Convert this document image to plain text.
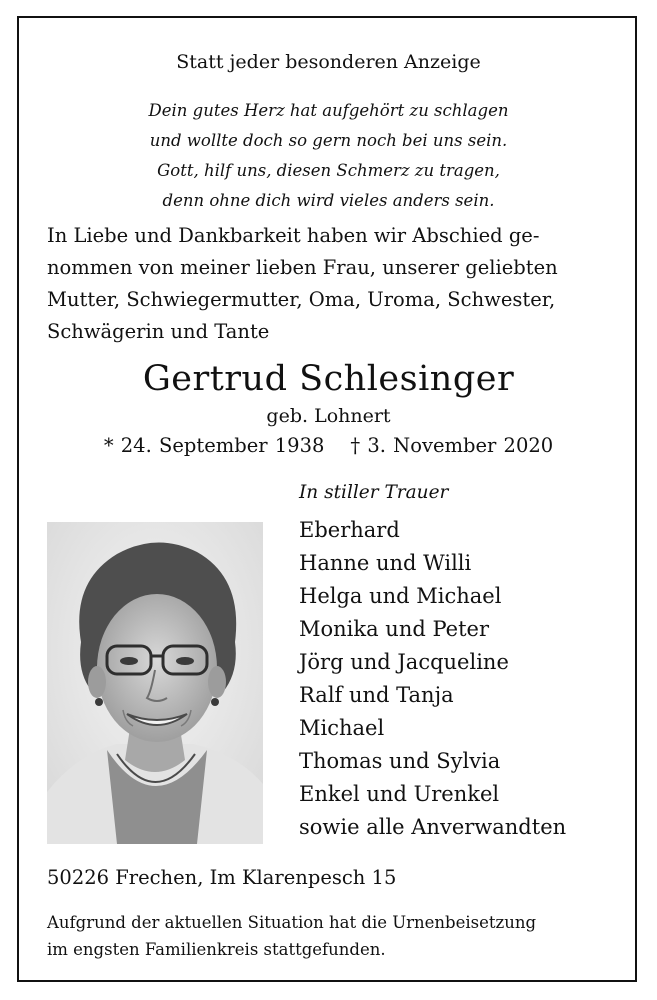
Statt jeder besonderen Anzeige
Dein gutes Herz hat aufgehört zu schlagen
und wollte doch so gern noch bei uns sein.
Gott, hilf uns, diesen Schmerz zu tragen,
denn ohne dich wird vieles anders sein.
In Liebe und Dankbarkeit haben wir Abschied ge-
nommen von meiner lieben Frau, unserer geliebten
Mutter, Schwiegermutter, Oma, Uroma, Schwester,
Schwägerin und Tante
Gertrud Schlesinger
geb. Lohnert
* 24. September 1938 † 3. November 2020
In stiller Trauer
Eberhard
Hanne und Willi
Helga und Michael
Monika und Peter
Jörg und Jacqueline
Ralf und Tanja
Michael
Thomas und Sylvia
Enkel und Urenkel
sowie alle Anverwandten
50226 Frechen, Im Klarenpesch 15
Aufgrund der aktuellen Situation hat die Urnenbeisetzung
im engsten Familienkreis stattgefunden.
